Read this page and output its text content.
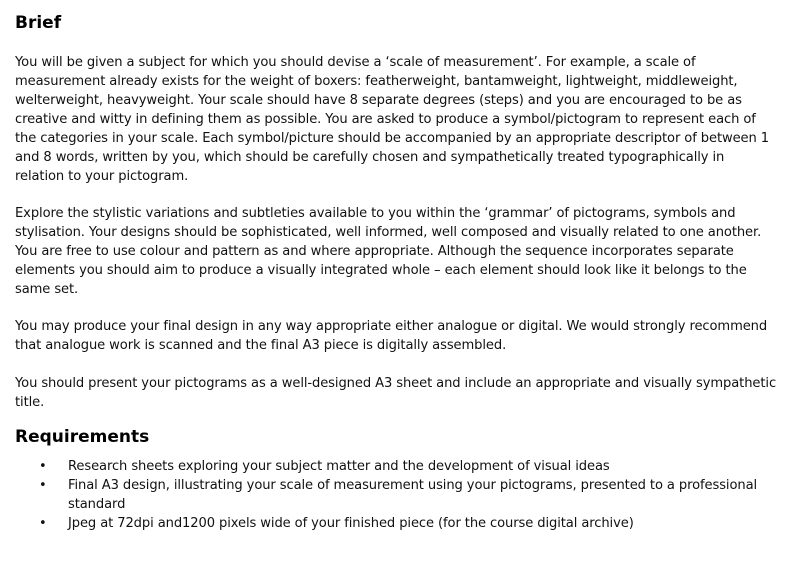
Brief

You will be given a subject for which you should devise a ‘scale of measurement’. For example, a scale of measurement already exists for the weight of boxers: featherweight, bantamweight, lightweight, middleweight, welterweight, heavyweight. Your scale should have 8 separate degrees (steps) and you are encouraged to be as creative and witty in defining them as possible. You are asked to produce a symbol/pictogram to represent each of the categories in your scale. Each symbol/picture should be accompanied by an appropriate descriptor of between 1 and 8 words, written by you, which should be carefully chosen and sympathetically treated typographically in relation to your pictogram.

Explore the stylistic variations and subtleties available to you within the ‘grammar’ of pictograms, symbols and stylisation. Your designs should be sophisticated, well informed, well composed and visually related to one another. You are free to use colour and pattern as and where appropriate. Although the sequence incorporates separate elements you should aim to produce a visually integrated whole – each element should look like it belongs to the same set.

You may produce your final design in any way appropriate either analogue or digital. We would strongly recommend that analogue work is scanned and the final A3 piece is digitally assembled.

You should present your pictograms as a well-designed A3 sheet and include an appropriate and visually sympathetic title.

Requirements
• Research sheets exploring your subject matter and the development of visual ideas
• Final A3 design, illustrating your scale of measurement using your pictograms, presented to a professional standard
• Jpeg at 72dpi and1200 pixels wide of your finished piece (for the course digital archive)
